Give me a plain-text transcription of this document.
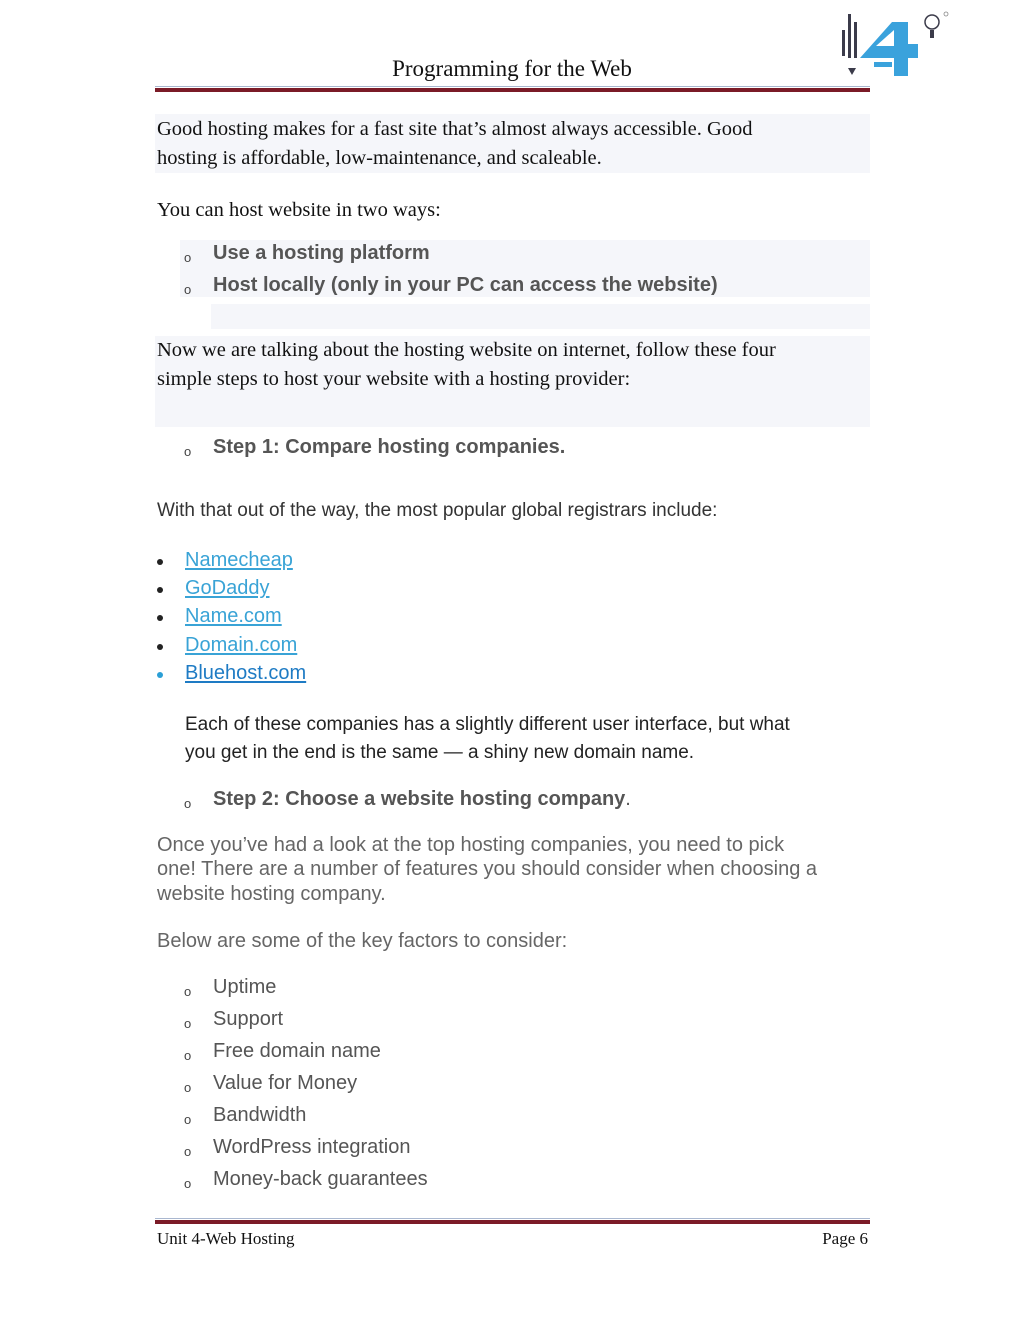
Programming for the Web
Good hosting makes for a fast site that’s almost always accessible. Good
hosting is affordable, low-maintenance, and scaleable.
You can host website in two ways:
o Use a hosting platform
o Host locally (only in your PC can access the website)
Now we are talking about the hosting website on internet, follow these four
simple steps to host your website with a hosting provider:
o Step 1: Compare hosting companies.
With that out of the way, the most popular global registrars include:
Namecheap
GoDaddy
Name.com
Domain.com
Bluehost.com
Each of these companies has a slightly different user interface, but what
you get in the end is the same — a shiny new domain name.
o Step 2: Choose a website hosting company.
Once you’ve had a look at the top hosting companies, you need to pick
one! There are a number of features you should consider when choosing a
website hosting company.
Below are some of the key factors to consider:
o Uptime
o Support
o Free domain name
o Value for Money
o Bandwidth
o WordPress integration
o Money-back guarantees
Unit 4-Web Hosting	Page 6
